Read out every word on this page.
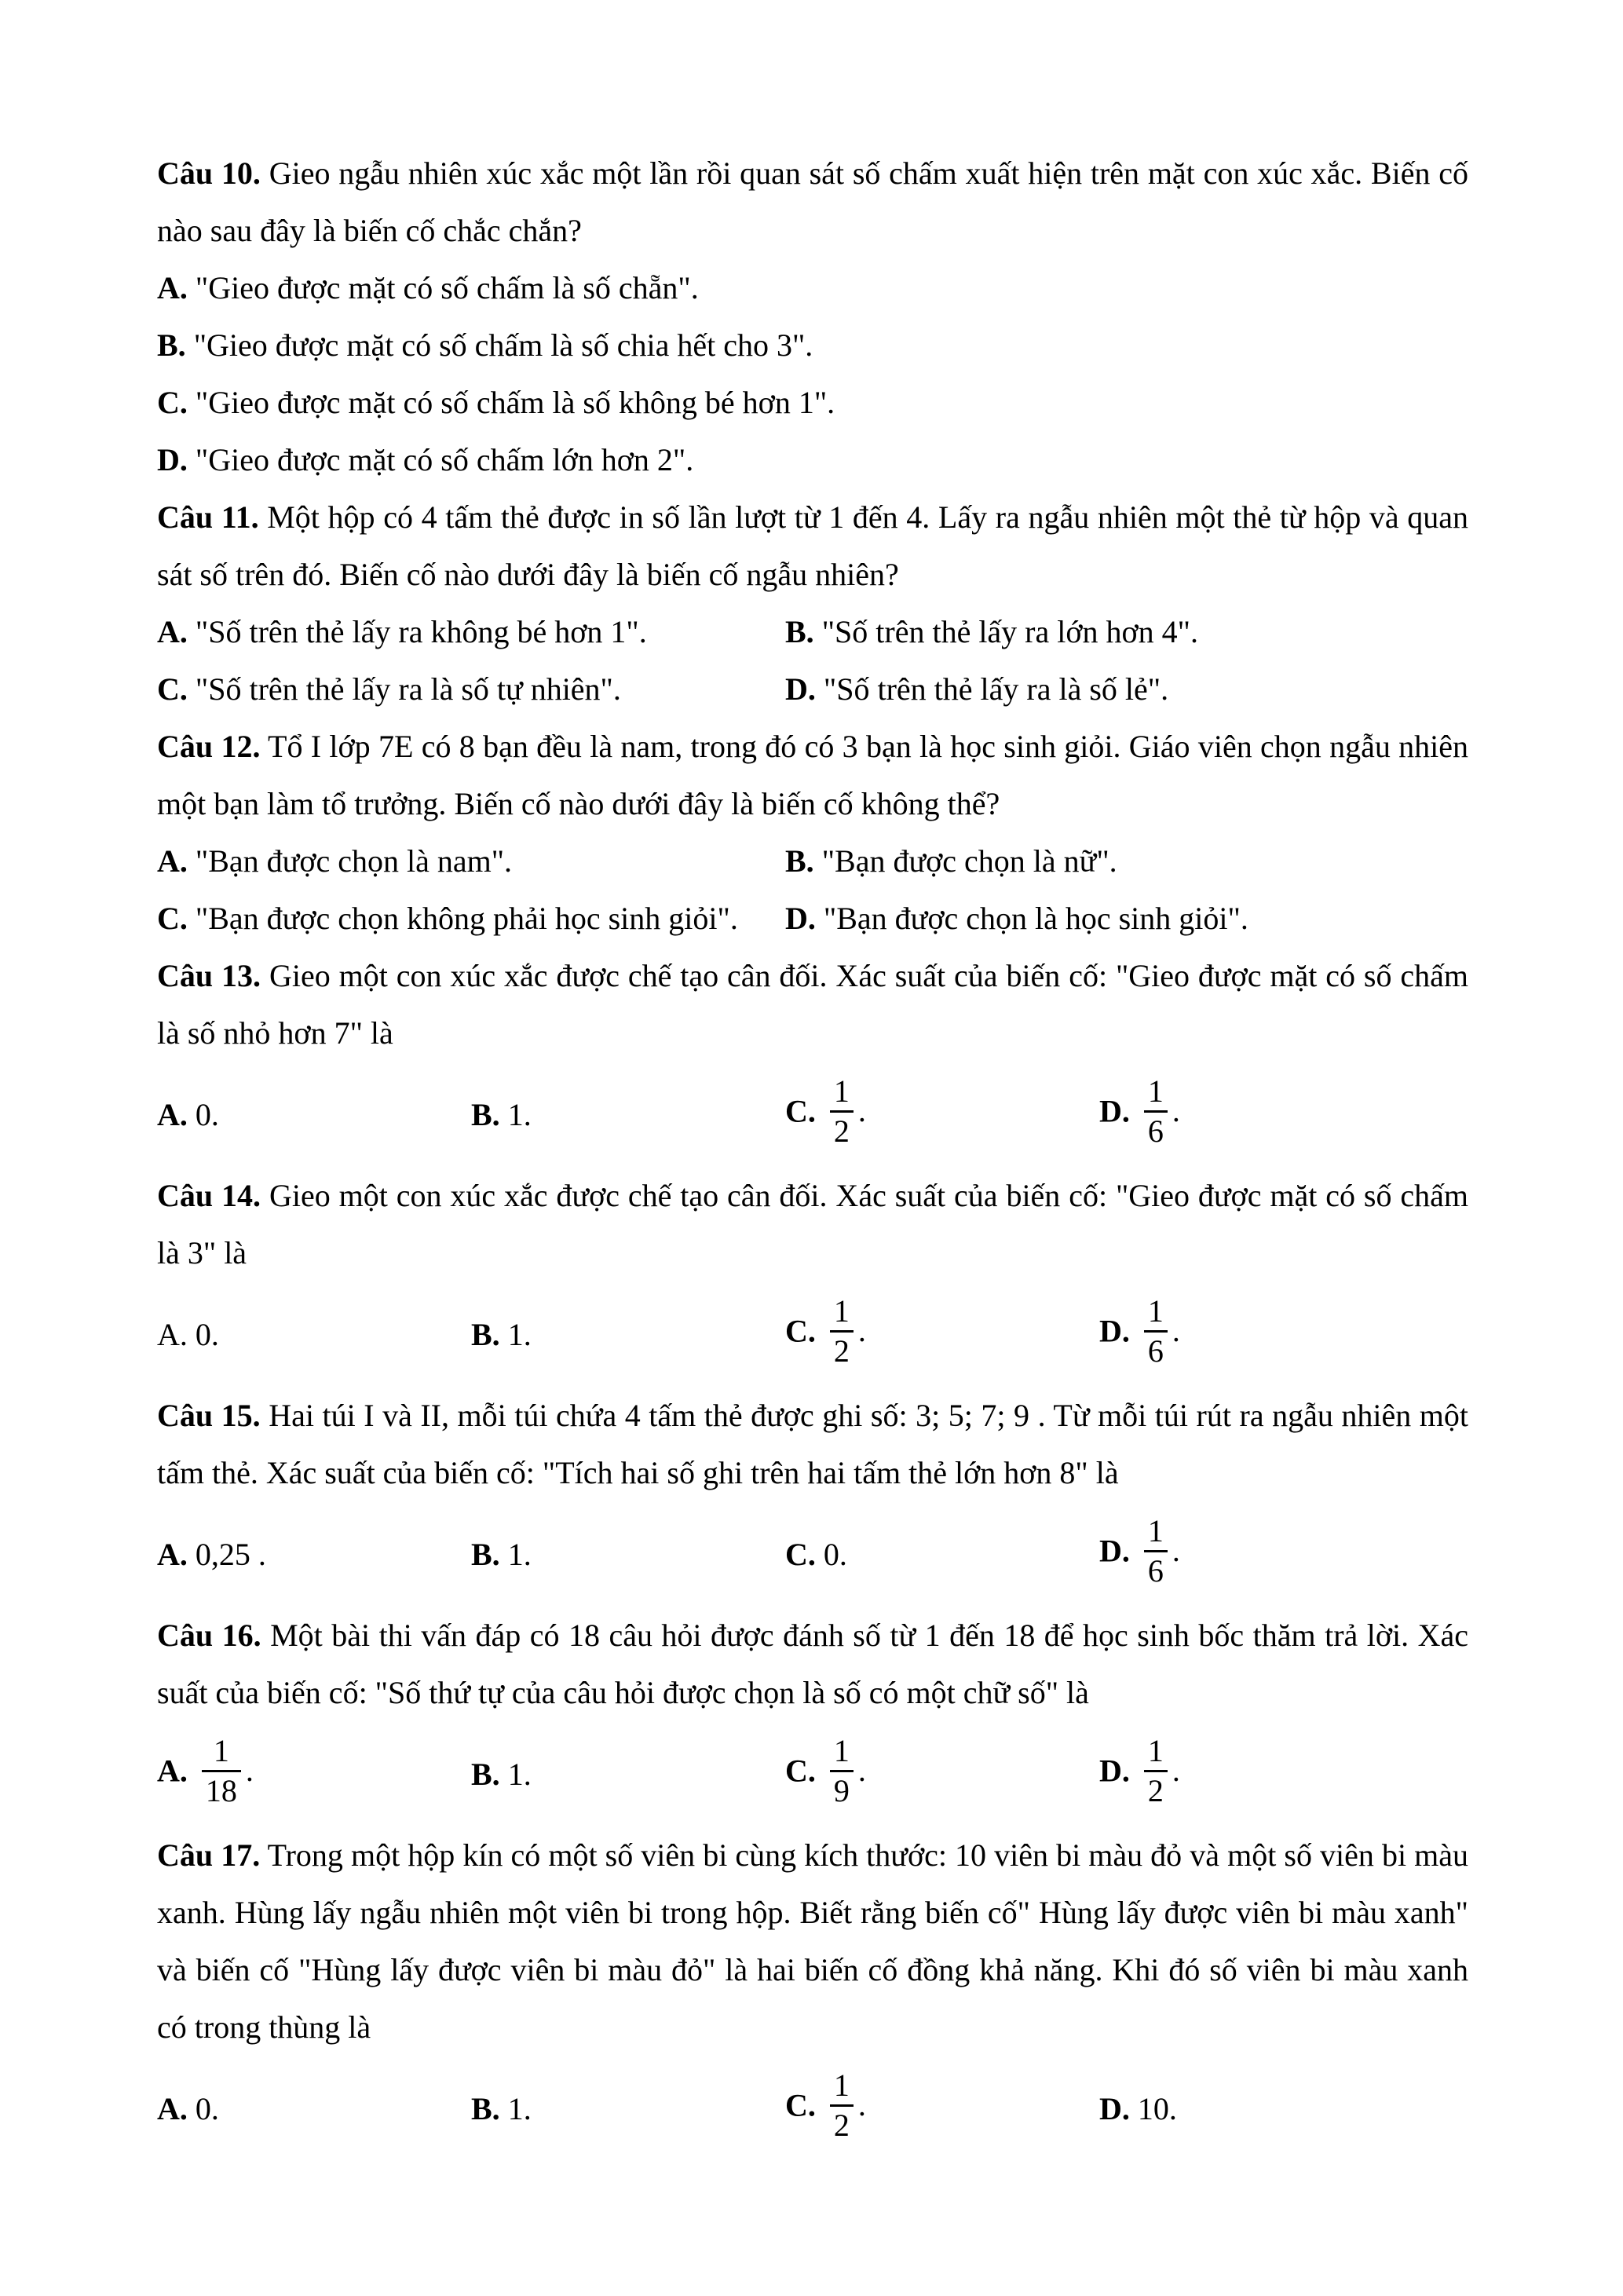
Câu 10. Gieo ngẫu nhiên xúc xắc một lần rồi quan sát số chấm xuất hiện trên mặt con xúc xắc. Biến cố nào sau đây là biến cố chắc chắn?

A. "Gieo được mặt có số chấm là số chẵn".

B. "Gieo được mặt có số chấm là số chia hết cho 3".

C. "Gieo được mặt có số chấm là số không bé hơn 1".

D. "Gieo được mặt có số chấm lớn hơn 2".

Câu 11. Một hộp có 4 tấm thẻ được in số lần lượt từ 1 đến 4. Lấy ra ngẫu nhiên một thẻ từ hộp và quan sát số trên đó. Biến cố nào dưới đây là biến cố ngẫu nhiên?

A. "Số trên thẻ lấy ra không bé hơn 1".	B. "Số trên thẻ lấy ra lớn hơn 4".
C. "Số trên thẻ lấy ra là số tự nhiên".	D. "Số trên thẻ lấy ra là số lẻ".

Câu 12. Tổ I lớp 7E có 8 bạn đều là nam, trong đó có 3 bạn là học sinh giỏi. Giáo viên chọn ngẫu nhiên một bạn làm tổ trưởng. Biến cố nào dưới đây là biến cố không thể?

A. "Bạn được chọn là nam".	B. "Bạn được chọn là nữ".
C. "Bạn được chọn không phải học sinh giỏi".	D. "Bạn được chọn là học sinh giỏi".

Câu 13. Gieo một con xúc xắc được chế tạo cân đối. Xác suất của biến cố: "Gieo được mặt có số chấm là số nhỏ hơn 7" là

A. 0.	B. 1.	C. $\frac{1}{2}$ .	D. $\frac{1}{6}$ .

Câu 14. Gieo một con xúc xắc được chế tạo cân đối. Xác suất của biến cố: "Gieo được mặt có số chấm là 3" là

A. 0.	B. 1.	C. $\frac{1}{2}$ .	D. $\frac{1}{6}$ .

Câu 15. Hai túi I và II, mỗi túi chứa 4 tấm thẻ được ghi số: 3; 5; 7; 9 . Từ mỗi túi rút ra ngẫu nhiên một tấm thẻ. Xác suất của biến cố: "Tích hai số ghi trên hai tấm thẻ lớn hơn 8" là

A. 0,25 .	B. 1.	C. 0.	D. $\frac{1}{6}$ .

Câu 16. Một bài thi vấn đáp có 18 câu hỏi được đánh số từ 1 đến 18 để học sinh bốc thăm trả lời. Xác suất của biến cố: "Số thứ tự của câu hỏi được chọn là số có một chữ số" là

A. $\frac{1}{18}$ .	B. 1.	C. $\frac{1}{9}$ .	D. $\frac{1}{2}$ .

Câu 17. Trong một hộp kín có một số viên bi cùng kích thước: 10 viên bi màu đỏ và một số viên bi màu xanh. Hùng lấy ngẫu nhiên một viên bi trong hộp. Biết rằng biến cố" Hùng lấy được viên bi màu xanh" và biến cố "Hùng lấy được viên bi màu đỏ" là hai biến cố đồng khả năng. Khi đó số viên bi màu xanh có trong thùng là

A. 0.	B. 1.	C. $\frac{1}{2}$ .	D. 10.
